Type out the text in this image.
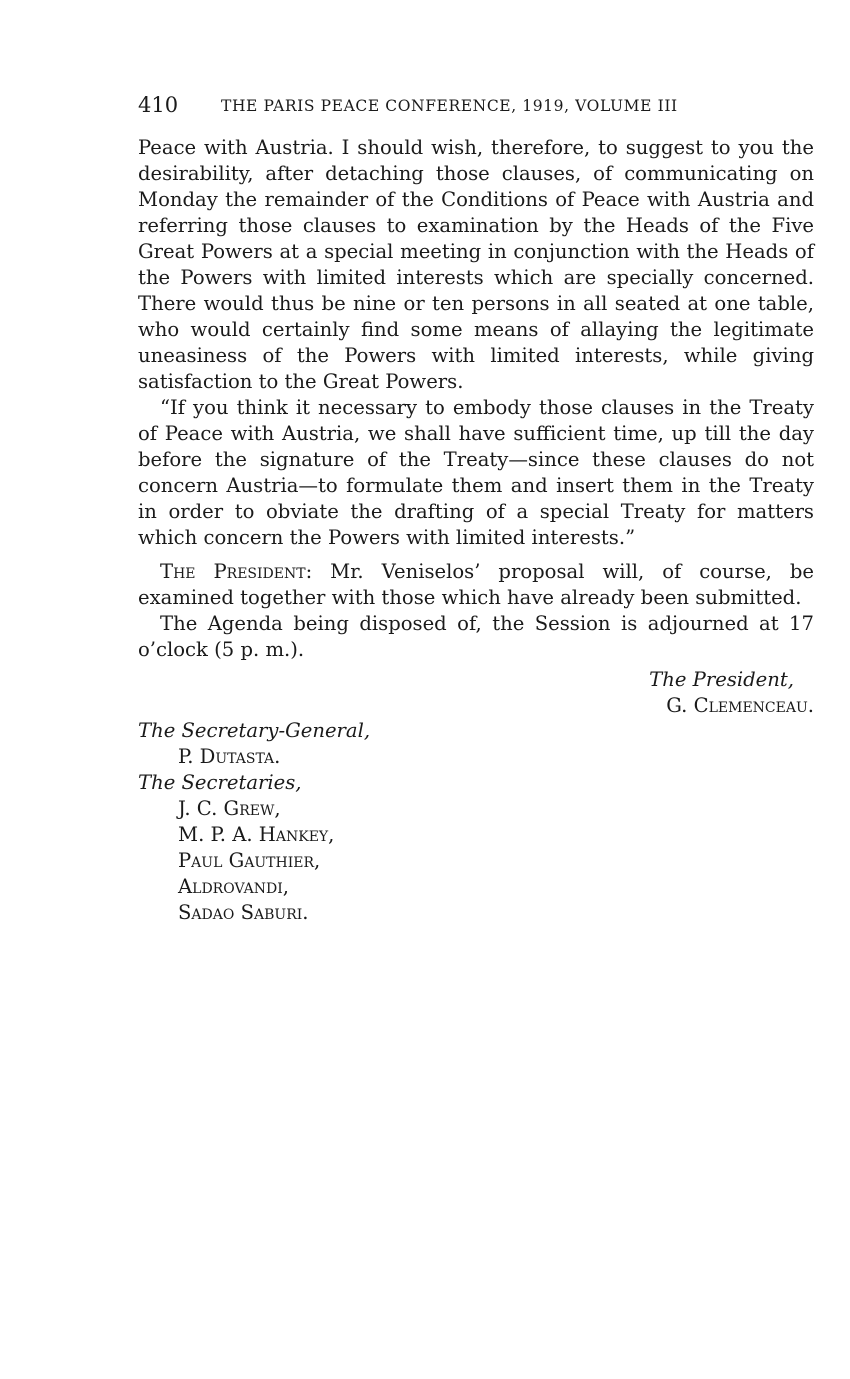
410	THE PARIS PEACE CONFERENCE, 1919, VOLUME III

Peace with Austria. I should wish, therefore, to suggest to you the desirability, after detaching those clauses, of communicating on Monday the remainder of the Conditions of Peace with Austria and referring those clauses to examination by the Heads of the Five Great Powers at a special meeting in conjunction with the Heads of the Powers with limited interests which are specially concerned. There would thus be nine or ten persons in all seated at one table, who would certainly find some means of allaying the legitimate uneasiness of the Powers with limited interests, while giving satisfaction to the Great Powers.

“If you think it necessary to embody those clauses in the Treaty of Peace with Austria, we shall have sufficient time, up till the day before the signature of the Treaty—since these clauses do not concern Austria—to formulate them and insert them in the Treaty in order to obviate the drafting of a special Treaty for matters which concern the Powers with limited interests.”

The President: Mr. Veniselos’ proposal will, of course, be examined together with those which have already been submitted.

The Agenda being disposed of, the Session is adjourned at 17 o’clock (5 p. m.).

The President,
G. Clemenceau.
The Secretary-General,
P. Dutasta.
The Secretaries,
J. C. Grew,
M. P. A. Hankey,
Paul Gauthier,
Aldrovandi,
Sadao Saburi.
